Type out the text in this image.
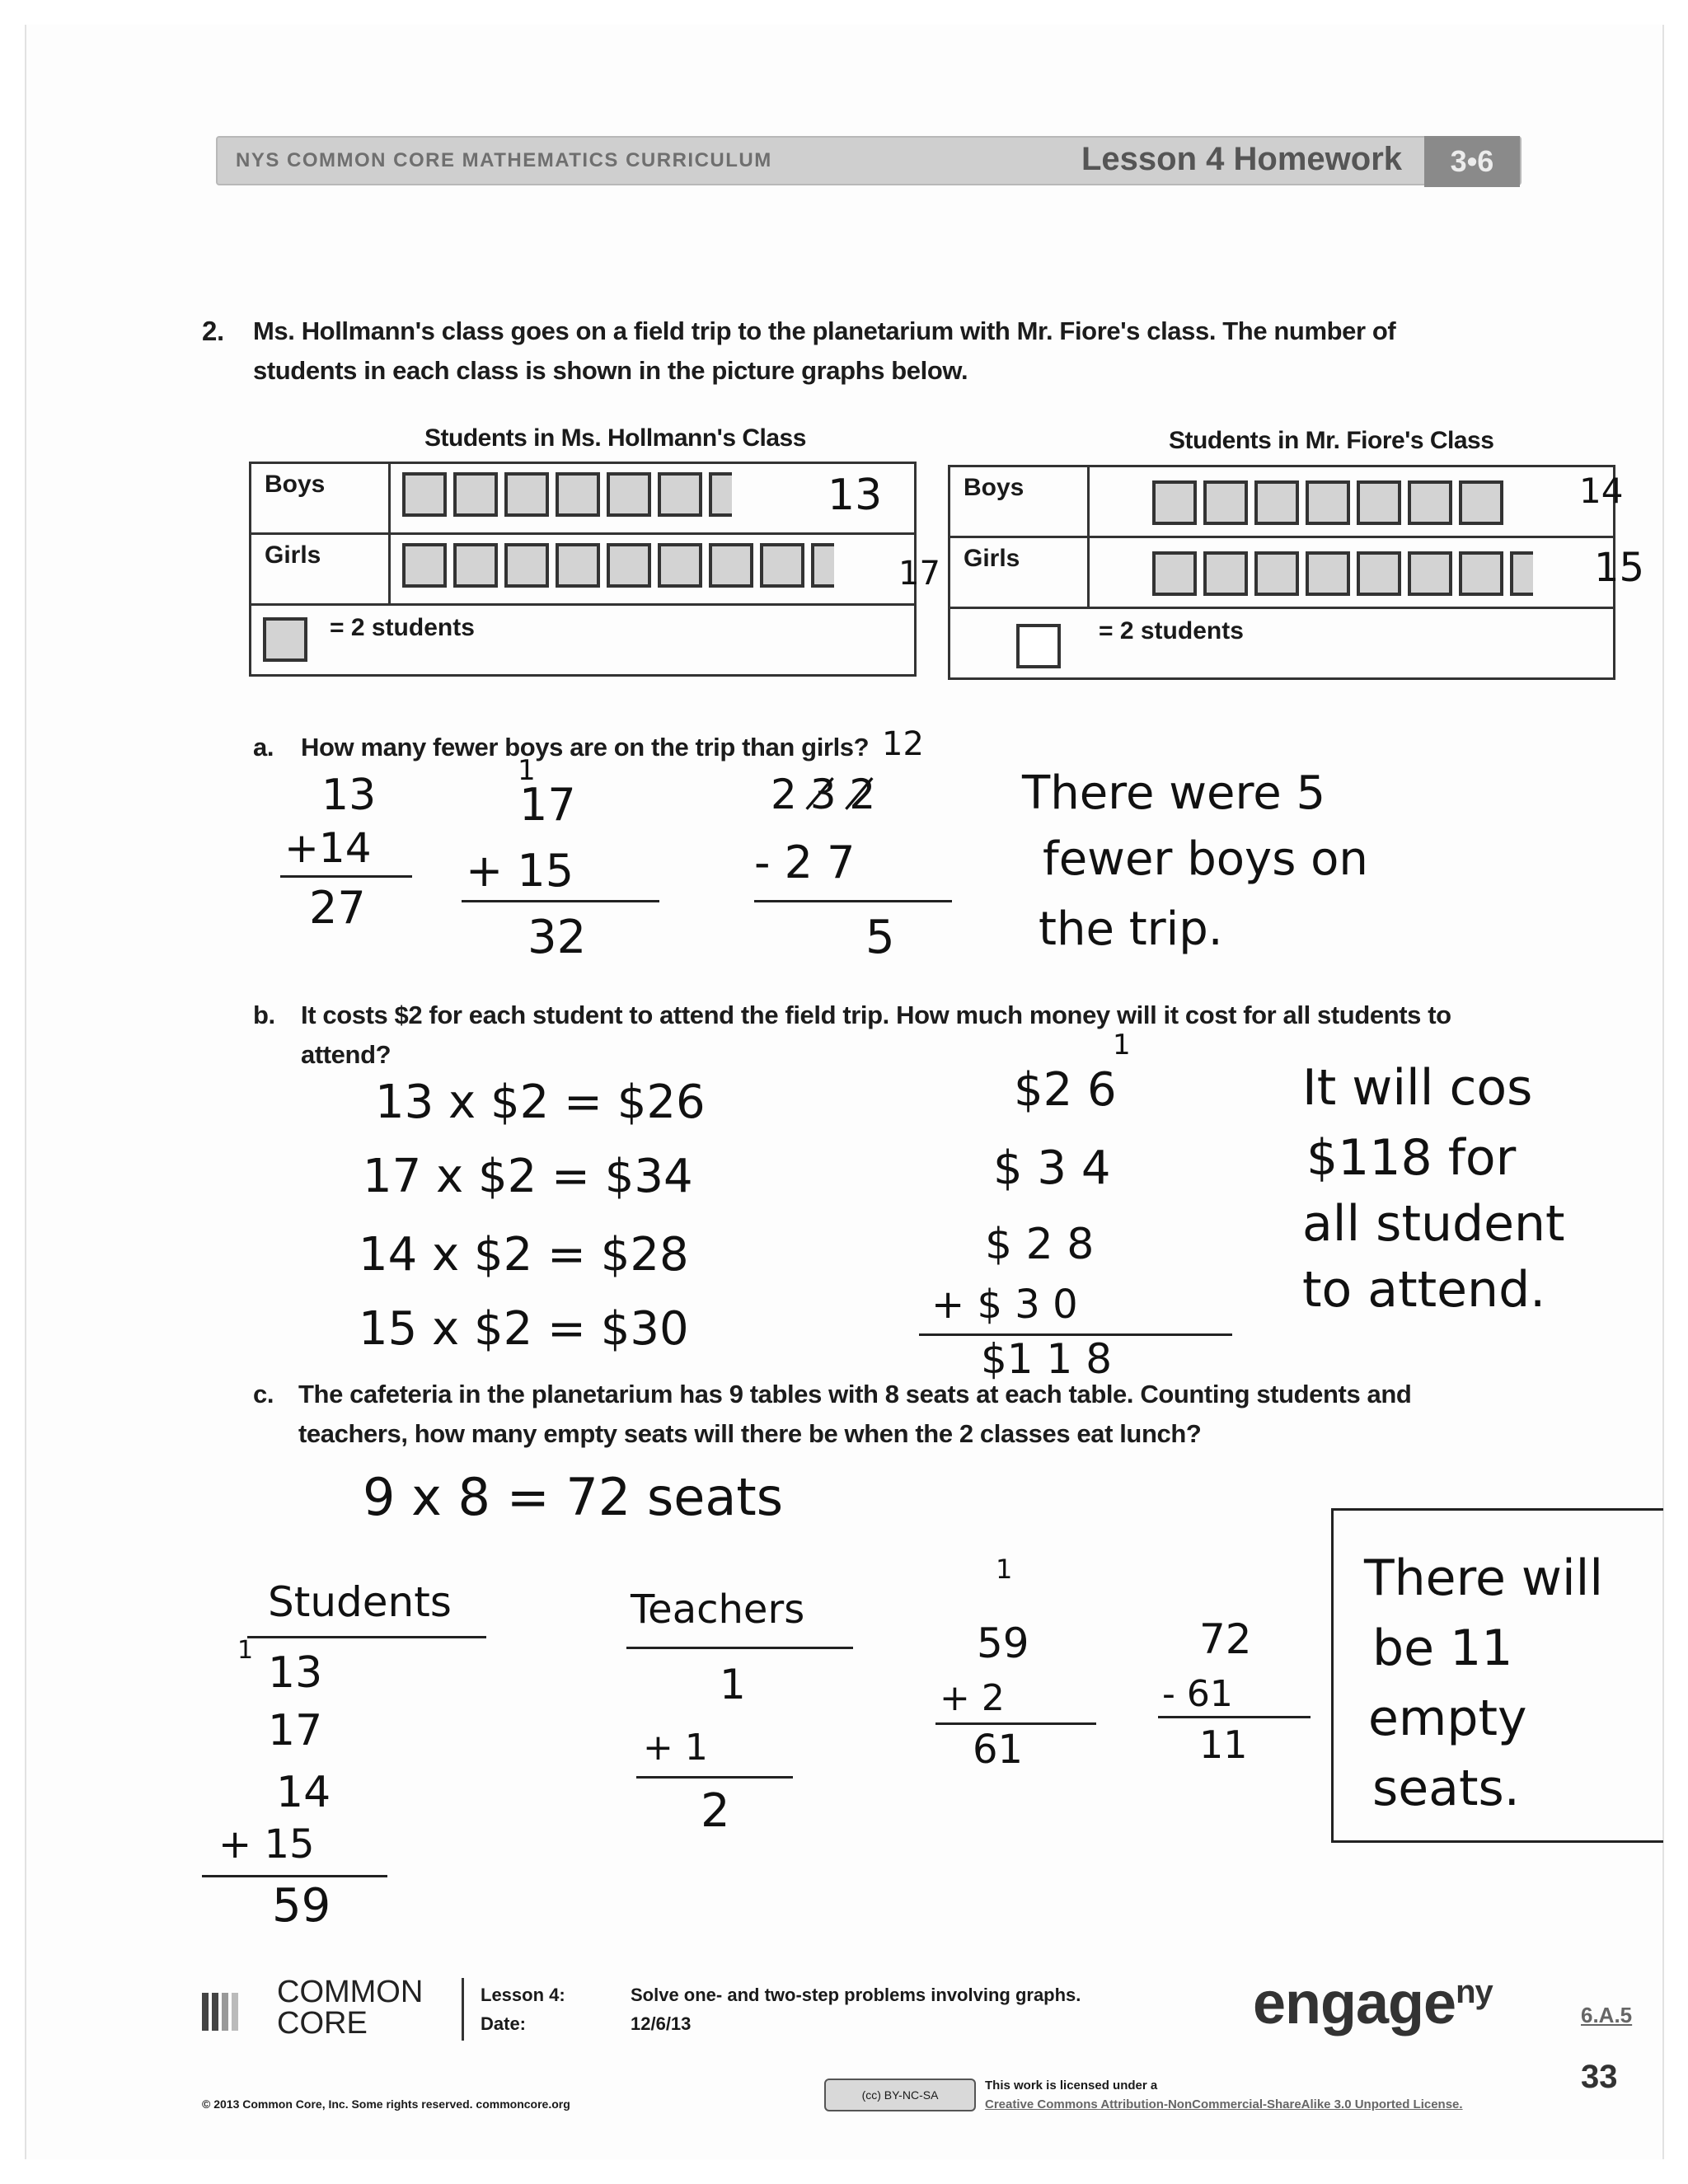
NYS COMMON CORE MATHEMATICS CURRICULUM	Lesson 4 Homework	3•6
2. Ms. Hollmann's class goes on a field trip to the planetarium with Mr. Fiore's class. The number of
students in each class is shown in the picture graphs below.
Students in Ms. Hollmann's Class
Boys	13

Girls	17

= 2 students	
Students in Mr. Fiore's Class
Boys	14

Girls	15

= 2 students	
a. How many fewer boys are on the trip than girls? 12
13
+14
27
1
17
+ 15
32
2 3̸ 2̸
- 2 7
5
There were 5
fewer boys on
the trip.
b. It costs $2 for each student to attend the field trip. How much money will it cost for all students to
attend?
13 x $2 = $26
17 x $2 = $34
14 x $2 = $28
15 x $2 = $30
1
$2 6
$ 3 4
$ 2 8
+ $ 3 0
$1 1 8
It will cos
$118 for
all student
to attend.
c. The cafeteria in the planetarium has 9 tables with 8 seats at each table. Counting students and
teachers, how many empty seats will there be when the 2 classes eat lunch?
9 x 8 = 72 seats
Students
1 13
17
14
+ 15
59
Teachers
1
+ 1
2
1
59
+ 2
61
72
- 61
11
There will
be 11
empty
seats.
COMMON
CORE
Lesson 4:
Date:
Solve one- and two-step problems involving graphs.
12/6/13	engage$^{ny}$
6.A.5
33
© 2013 Common Core, Inc. Some rights reserved. commoncore.org
(cc) BY-NC-SA
This work is licensed under a
Creative Commons Attribution-NonCommercial-ShareAlike 3.0 Unported License.
